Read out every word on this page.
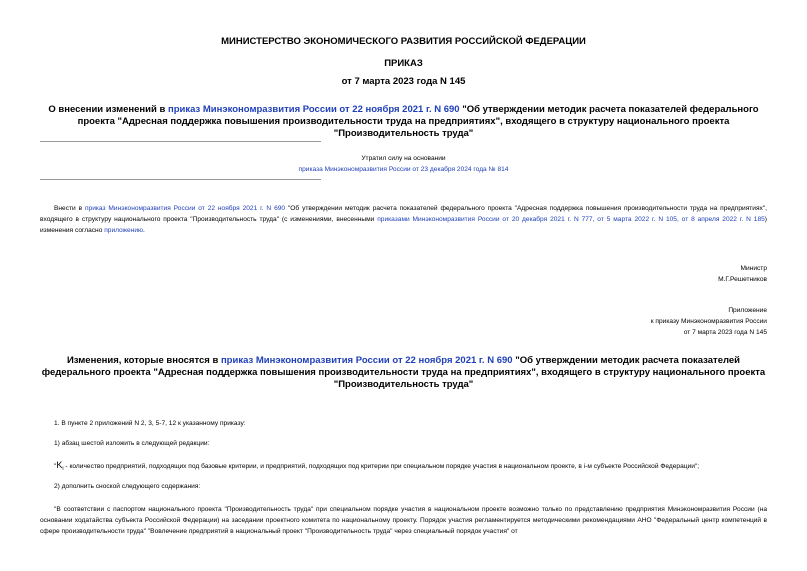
МИНИСТЕРСТВО ЭКОНОМИЧЕСКОГО РАЗВИТИЯ РОССИЙСКОЙ ФЕДЕРАЦИИ
ПРИКАЗ
от 7 марта 2023 года N 145
О внесении изменений в приказ Минэкономразвития России от 22 ноября 2021 г. N 690 "Об утверждении методик расчета показателей федерального проекта "Адресная поддержка повышения производительности труда на предприятиях", входящего в структуру национального проекта "Производительность труда"
Утратил силу на основании
приказа Минэкономразвития России от 23 декабря 2024 года № 814
Внести в приказ Минэкономразвития России от 22 ноября 2021 г. N 690 "Об утверждении методик расчета показателей федерального проекта "Адресная поддержка повышения производительности труда на предприятиях", входящего в структуру национального проекта "Производительность труда" (с изменениями, внесенными приказами Минэкономразвития России от 20 декабря 2021 г. N 777, от 5 марта 2022 г. N 105, от 8 апреля 2022 г. N 185) изменения согласно приложению.
Министр
М.Г.Решетников
Приложение
к приказу Минэкономразвития России
от 7 марта 2023 года N 145
Изменения, которые вносятся в приказ Минэкономразвития России от 22 ноября 2021 г. N 690 "Об утверждении методик расчета показателей федерального проекта "Адресная поддержка повышения производительности труда на предприятиях", входящего в структуру национального проекта "Производительность труда"
1. В пункте 2 приложений N 2, 3, 5-7, 12 к указанному приказу:
1) абзац шестой изложить в следующей редакции:
"$K_i$ - количество предприятий, подходящих под базовые критерии, и предприятий, подходящих под критерии при специальном порядке участия в национальном проекте, в i-м субъекте Российской Федерации";
2) дополнить сноской следующего содержания:
"В соответствии с паспортом национального проекта "Производительность труда" при специальном порядке участия в национальном проекте возможно только по представлению предприятия Минэкономразвития России (на основании ходатайства субъекта Российской Федерации) на заседании проектного комитета по национальному проекту. Порядок участия регламентируется методическими рекомендациями АНО "Федеральный центр компетенций в сфере производительности труда" "Вовлечение предприятий в национальный проект "Производительность труда" через специальный порядок участия" от
